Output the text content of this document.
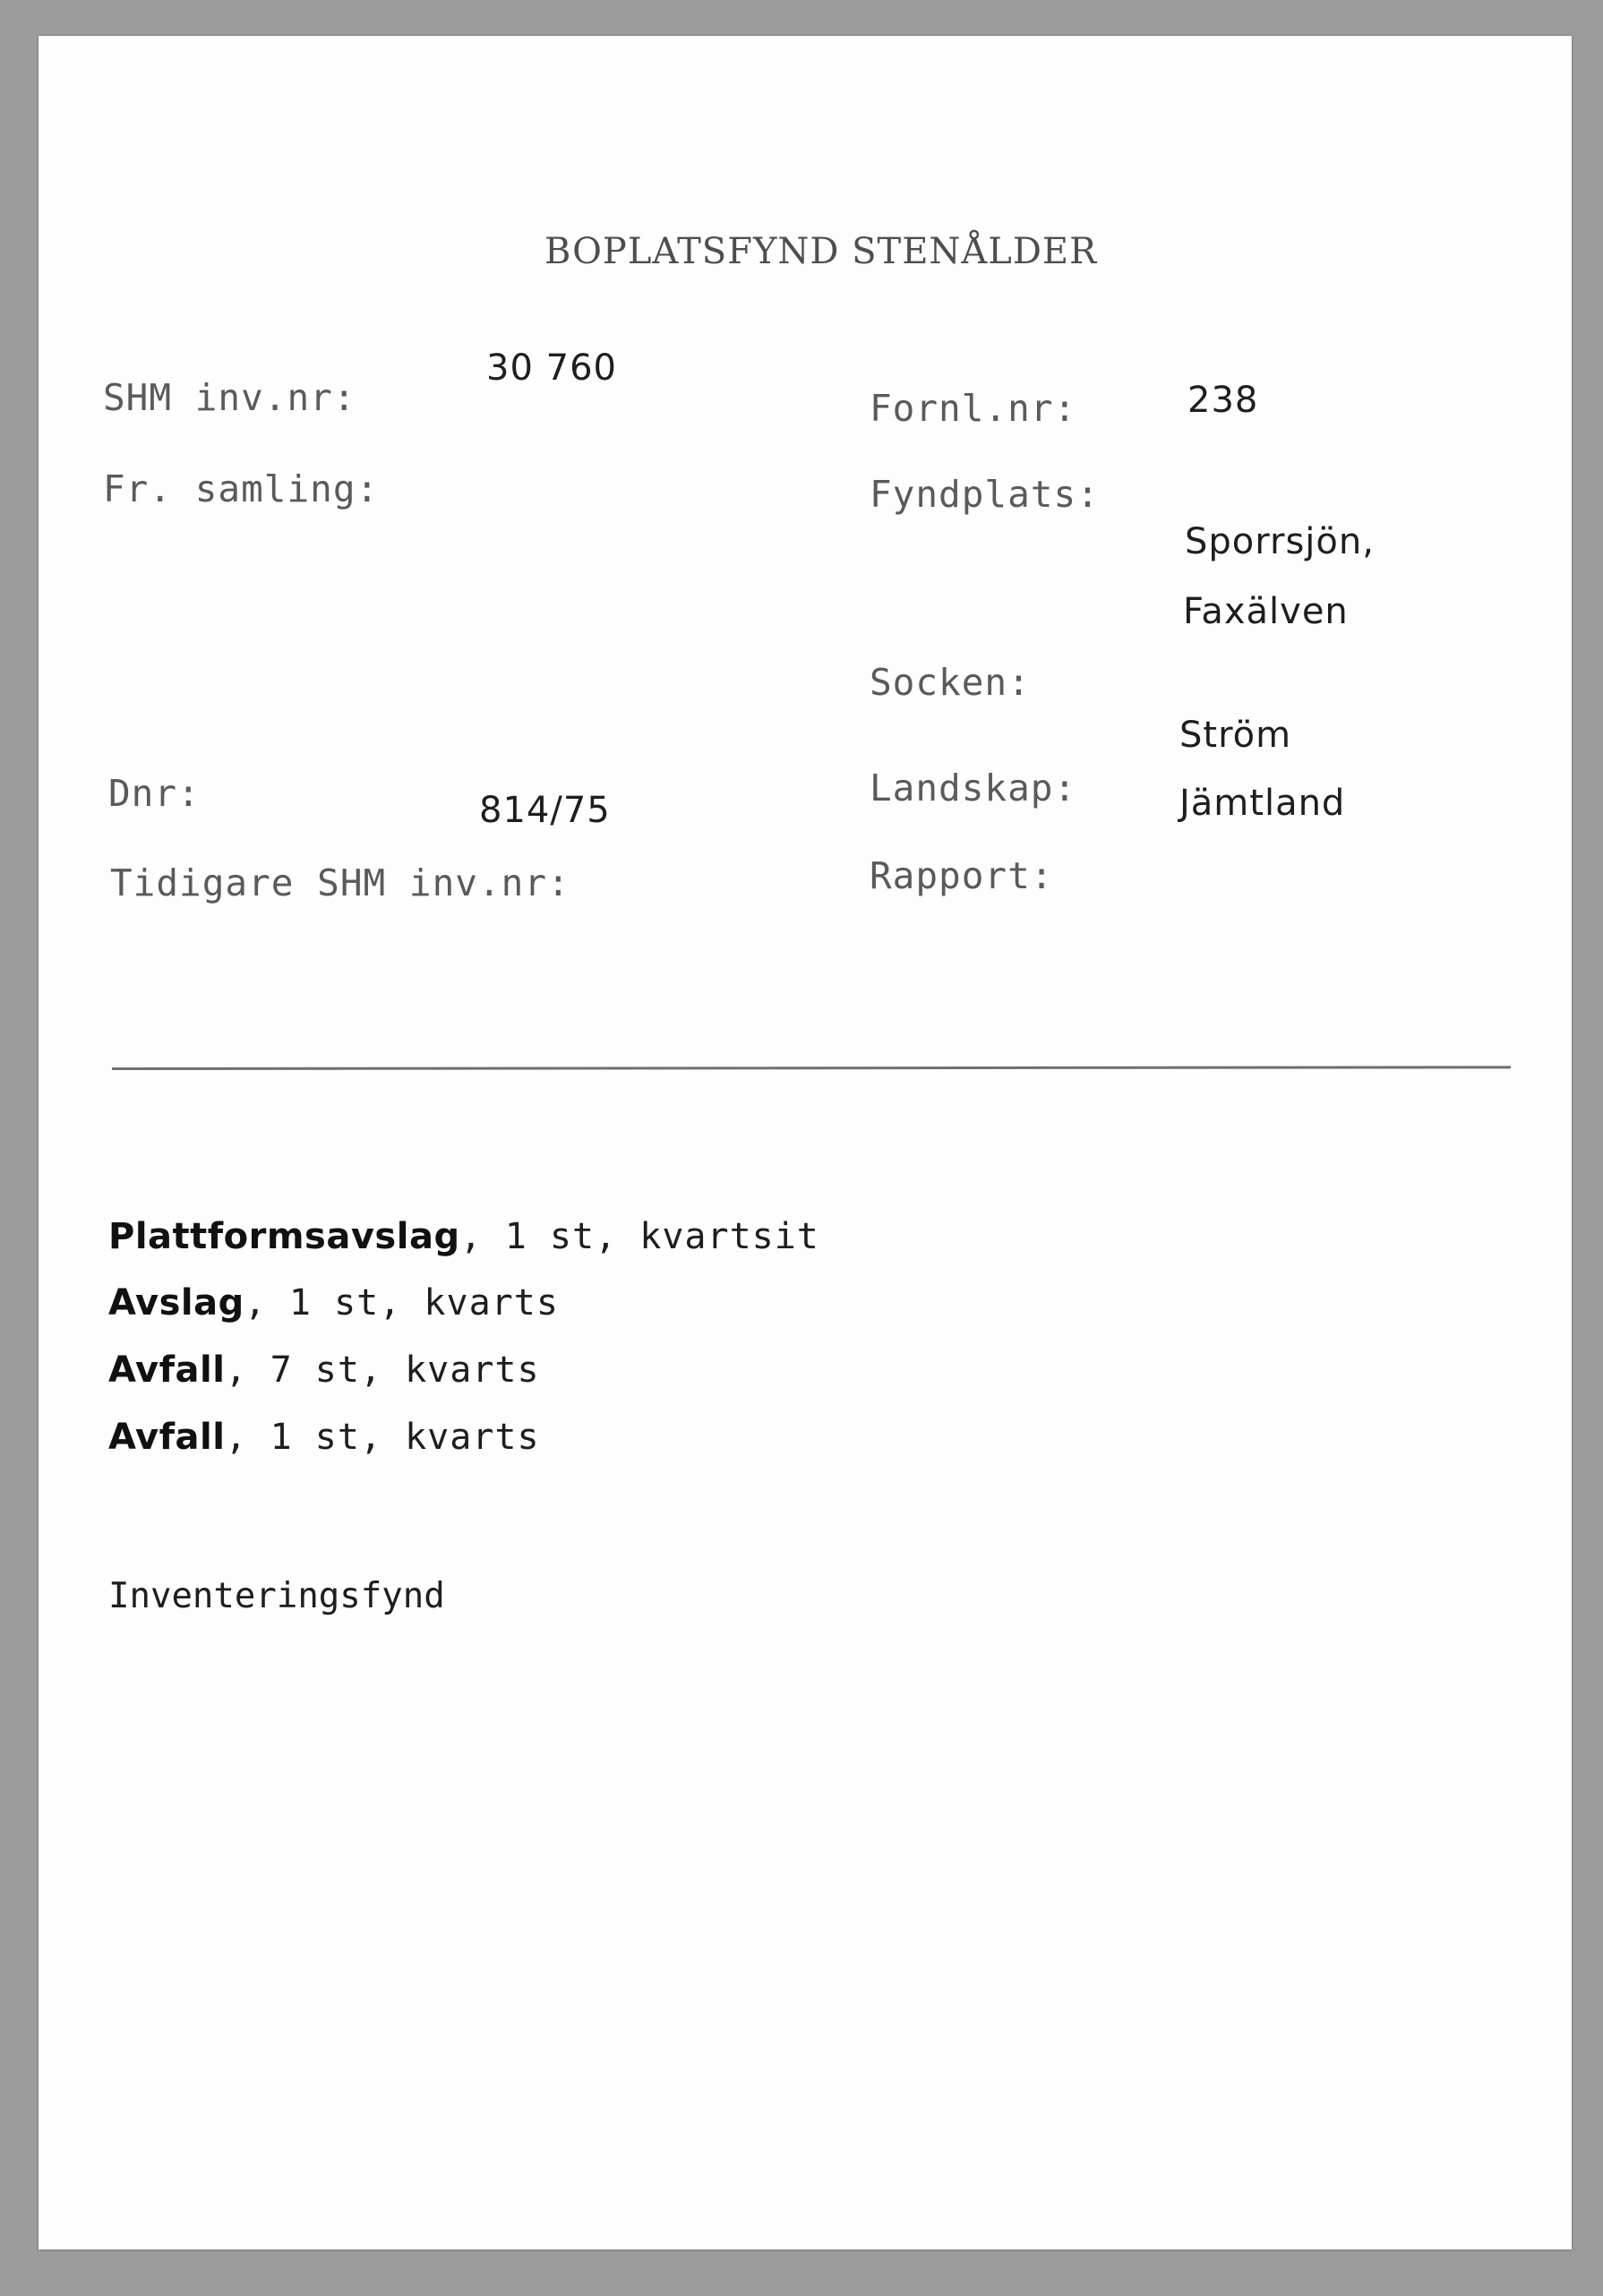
BOPLATSFYND STENÅLDER
SHM inv.nr:
30 760
Fr. samling:
Dnr:	814/75
Tidigare SHM inv.nr:
Fornl.nr:	238
Fyndplats:
Sporrsjön,
Faxälven
Socken:
Ström
Landskap:	Jämtland
Rapport:
Plattformsavslag, 1 st, kvartsit
Avslag, 1 st, kvarts
Avfall, 7 st, kvarts
Avfall, 1 st, kvarts
Inventeringsfynd
